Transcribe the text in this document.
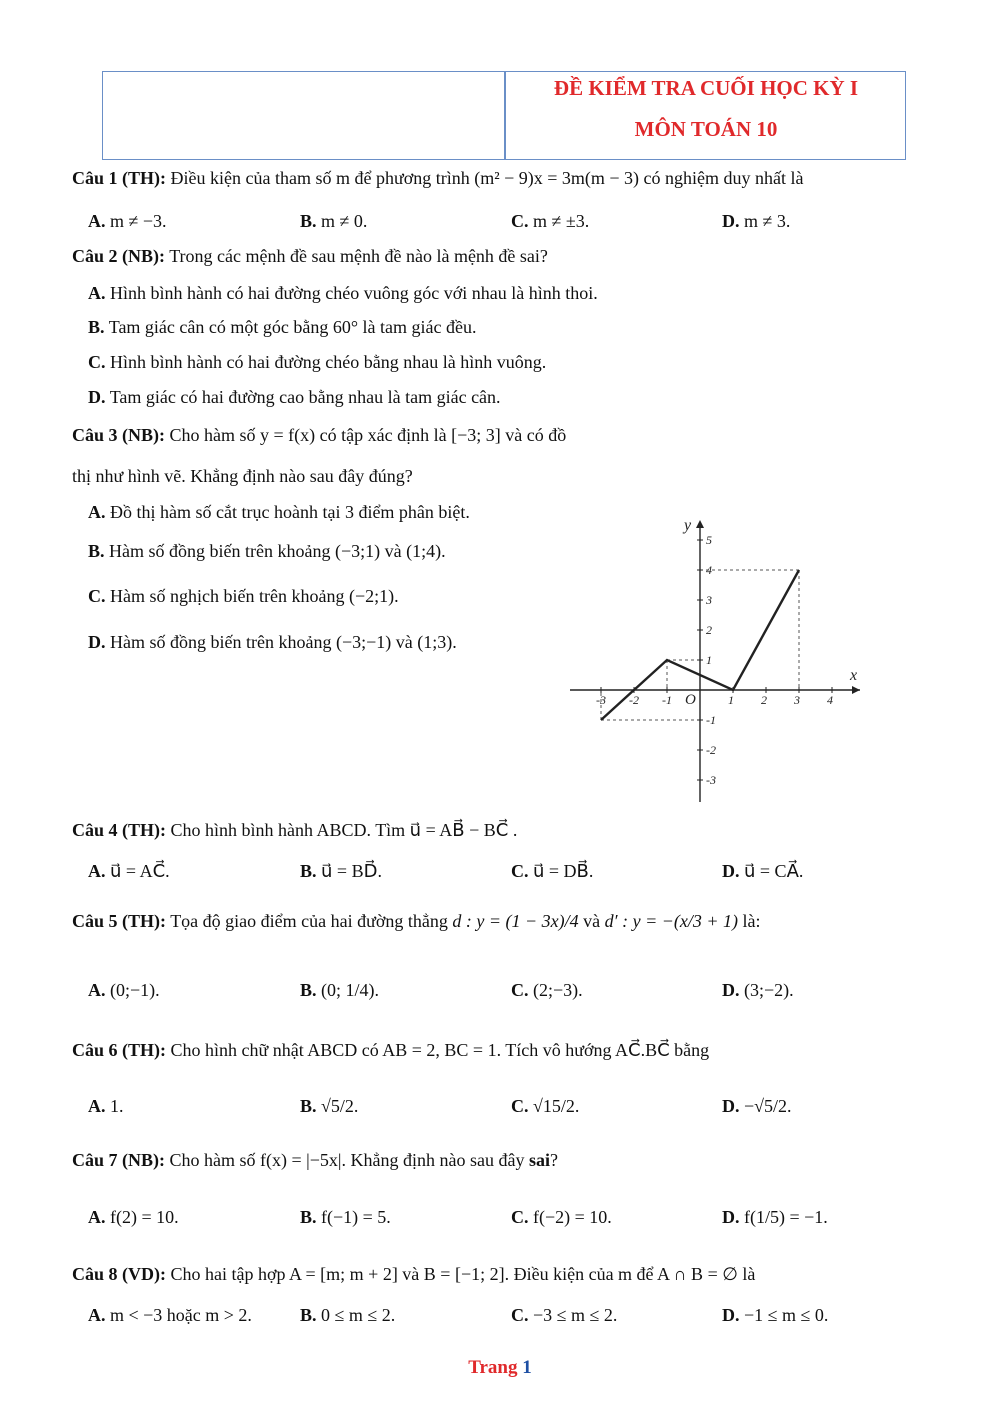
ĐỀ KIỂM TRA CUỐI HỌC KỲ I
MÔN TOÁN 10
Câu 1 (TH): Điều kiện của tham số m để phương trình (m² − 9)x = 3m(m − 3) có nghiệm duy nhất là
A. m ≠ −3.	B. m ≠ 0.	C. m ≠ ±3.	D. m ≠ 3.
Câu 2 (NB): Trong các mệnh đề sau mệnh đề nào là mệnh đề sai?
A. Hình bình hành có hai đường chéo vuông góc với nhau là hình thoi.
B. Tam giác cân có một góc bằng 60° là tam giác đều.
C. Hình bình hành có hai đường chéo bằng nhau là hình vuông.
D. Tam giác có hai đường cao bằng nhau là tam giác cân.
Câu 3 (NB): Cho hàm số y = f(x) có tập xác định là [−3; 3] và có đồ
thị như hình vẽ. Khẳng định nào sau đây đúng?
A. Đồ thị hàm số cắt trục hoành tại 3 điểm phân biệt.
B. Hàm số đồng biến trên khoảng (−3;1) và (1;4).
C. Hàm số nghịch biến trên khoảng (−2;1).
D. Hàm số đồng biến trên khoảng (−3;−1) và (1;3).
-3 -2 -1	1 2 3 4
5
4
3
2
1
-1
-2
-3
O
x
y
Câu 4 (TH): Cho hình bình hành ABCD. Tìm u⃗ = AB⃗ − BC⃗ .
A. u⃗ = AC⃗.	B. u⃗ = BD⃗.	C. u⃗ = DB⃗.	D. u⃗ = CA⃗.
Câu 5 (TH): Tọa độ giao điểm của hai đường thẳng d : y = (1 − 3x)/4 và d′ : y = −(x/3 + 1) là:
A. (0;−1).	B. (0; 1/4).	C. (2;−3).	D. (3;−2).
Câu 6 (TH): Cho hình chữ nhật ABCD có AB = 2, BC = 1. Tích vô hướng AC⃗.BC⃗ bằng
A. 1.	B. √5/2.	C. √15/2.	D. −√5/2.
Câu 7 (NB): Cho hàm số f(x) = |−5x|. Khẳng định nào sau đây sai?
A. f(2) = 10.	B. f(−1) = 5.	C. f(−2) = 10.	D. f(1/5) = −1.
Câu 8 (VD): Cho hai tập hợp A = [m; m + 2] và B = [−1; 2]. Điều kiện của m để A ∩ B = ∅ là
A. m < −3 hoặc m > 2.	B. 0 ≤ m ≤ 2.	C. −3 ≤ m ≤ 2.	D. −1 ≤ m ≤ 0.
Trang 1
